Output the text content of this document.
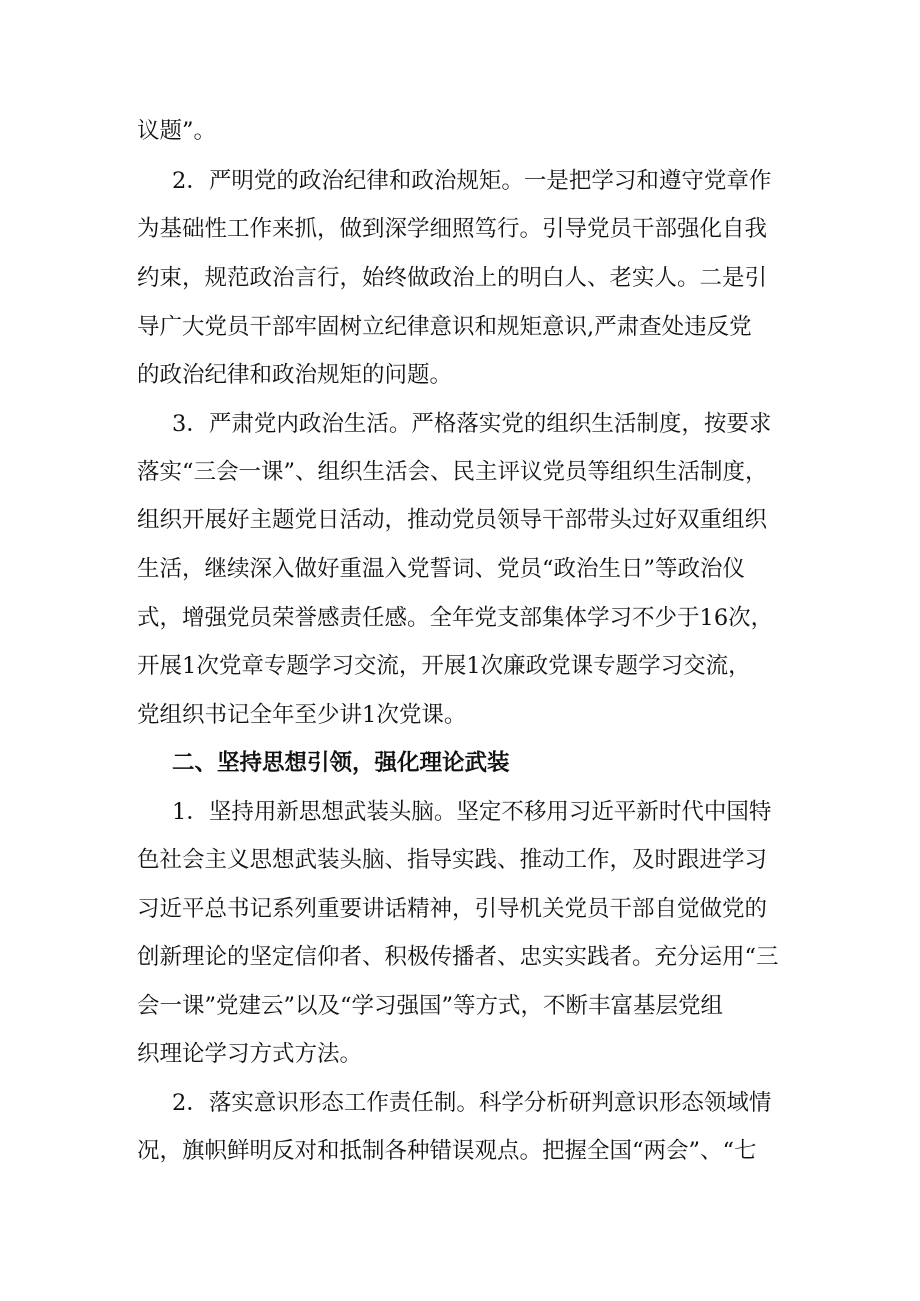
议题”。
2．严明党的政治纪律和政治规矩。一是把学习和遵守党章作
为基础性工作来抓，做到深学细照笃行。引导党员干部强化自我
约束，规范政治言行，始终做政治上的明白人、老实人。二是引
导广大党员干部牢固树立纪律意识和规矩意识,严肃查处违反党
的政治纪律和政治规矩的问题。
3．严肃党内政治生活。严格落实党的组织生活制度，按要求
落实“三会一课”、组织生活会、民主评议党员等组织生活制度，
组织开展好主题党日活动，推动党员领导干部带头过好双重组织
生活，继续深入做好重温入党誓词、党员“政治生日”等政治仪
式，增强党员荣誉感责任感。全年党支部集体学习不少于16次，
开展1次党章专题学习交流，开展1次廉政党课专题学习交流，
党组织书记全年至少讲1次党课。
二、坚持思想引领，强化理论武装
1．坚持用新思想武装头脑。坚定不移用习近平新时代中国特
色社会主义思想武装头脑、指导实践、推动工作，及时跟进学习
习近平总书记系列重要讲话精神，引导机关党员干部自觉做党的
创新理论的坚定信仰者、积极传播者、忠实实践者。充分运用“三
会一课”党建云”以及“学习强国”等方式，不断丰富基层党组
织理论学习方式方法。
2．落实意识形态工作责任制。科学分析研判意识形态领域情
况，旗帜鲜明反对和抵制各种错误观点。把握全国“两会”、“七
